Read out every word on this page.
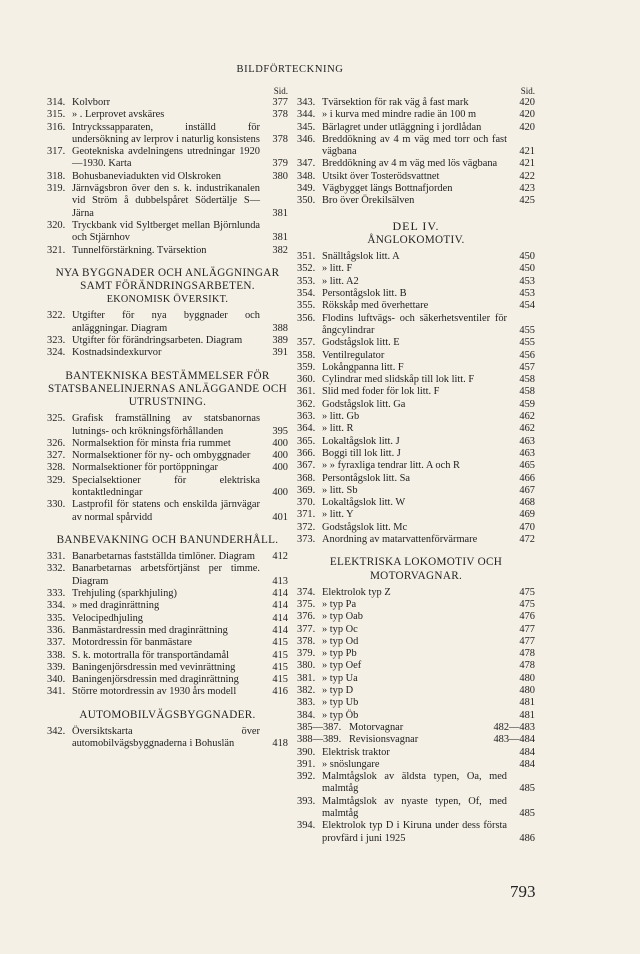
BILDFÖRTECKNING
Sid.
314. Kolvborr	377
315. » . Lerprovet avskäres	378
316. Intryckssapparaten, inställd för undersökning av lerprov i naturlig konsistens	378
317. Geotekniska avdelningens utredningar 1920—1930. Karta	379
318. Bohusbaneviadukten vid Olskroken	380
319. Järnvägsbron över den s. k. industrikanalen vid Ström å dubbelspåret Södertälje S—Järna	381
320. Tryckbank vid Syltberget mellan Björnlunda och Stjärnhov	381
321. Tunnelförstärkning. Tvärsektion	382
NYA BYGGNADER OCH ANLÄGGNINGAR SAMT FÖRÄNDRINGSARBETEN.
EKONOMISK ÖVERSIKT.
322. Utgifter för nya byggnader och anläggningar. Diagram	388
323. Utgifter för förändringsarbeten. Diagram	389
324. Kostnadsindexkurvor	391
BANTEKNISKA BESTÄMMELSER FÖR STATSBANELINJERNAS ANLÄGGANDE OCH UTRUSTNING.
325. Grafisk framställning av statsbanornas lutnings- och krökningsförhållanden	395
326. Normalsektion för minsta fria rummet	400
327. Normalsektioner för ny- och ombyggnader	400
328. Normalsektioner för portöppningar	400
329. Specialsektioner för elektriska kontaktledningar	400
330. Lastprofil för statens och enskilda järnvägar av normal spårvidd	401
BANBEVAKNING OCH BANUNDERHÅLL.
331. Banarbetarnas fastställda timlöner. Diagram	412
332. Banarbetarnas arbetsförtjänst per timme. Diagram	413
333. Trehjuling (sparkhjuling)	414
334. » med draginrättning	414
335. Velocipedhjuling	414
336. Banmästardressin med draginrättning	414
337. Motordressin för banmästare	415
338. S. k. motortralla för transportändamål	415
339. Baningenjörsdressin med vevinrättning	415
340. Baningenjörsdressin med draginrättning	415
341. Större motordressin av 1930 års modell	416
AUTOMOBILVÄGSBYGGNADER.
342. Översiktskarta över automobilvägsbyggnaderna i Bohuslän	418
Sid.
343. Tvärsektion för rak väg å fast mark	420
344. » i kurva med mindre radie än 100 m	420
345. Bärlagret under utläggning i jordlådan	420
346. Breddökning av 4 m väg med torr och fast vägbana	421
347. Breddökning av 4 m väg med lös vägbana	421
348. Utsikt över Tosterödsvattnet	422
349. Vägbygget längs Bottnafjorden	423
350. Bro över Örekilsälven	425
DEL IV.
ÅNGLOKOMOTIV.
351. Snälltågslok litt. A	450
352. » litt. F	450
353. » litt. A2	453
354. Persontågslok litt. B	453
355. Rökskåp med överhettare	454
356. Flodins luftvägs- och säkerhetsventiler för ångcylindrar	455
357. Godstågslok litt. E	455
358. Ventilregulator	456
359. Lokångpanna litt. F	457
360. Cylindrar med slidskåp till lok litt. F	458
361. Slid med foder för lok litt. F	458
362. Godstågslok litt. Ga	459
363. » litt. Gb	462
364. » litt. R	462
365. Lokaltågslok litt. J	463
366. Boggi till lok litt. J	463
367. » » fyraxliga tendrar litt. A och R	465
368. Persontågslok litt. Sa	466
369. » litt. Sb	467
370. Lokaltågslok litt. W	468
371. » litt. Y	469
372. Godstågslok litt. Mc	470
373. Anordning av matarvattenförvärmare	472
ELEKTRISKA LOKOMOTIV OCH MOTORVAGNAR.
374. Elektrolok typ Z	475
375. » typ Pa	475
376. » typ Oab	476
377. » typ Oc	477
378. » typ Od	477
379. » typ Pb	478
380. » typ Oef	478
381. » typ Ua	480
382. » typ D	480
383. » typ Ub	481
384. » typ Öb	481
385—387. Motorvagnar	482—483
388—389. Revisionsvagnar	483—484
390. Elektrisk traktor	484
391. » snöslungare	484
392. Malmtågslok av äldsta typen, Oa, med malmtåg	485
393. Malmtågslok av nyaste typen, Of, med malmtåg	485
394. Elektrolok typ D i Kiruna under dess första provfärd i juni 1925	486
793
